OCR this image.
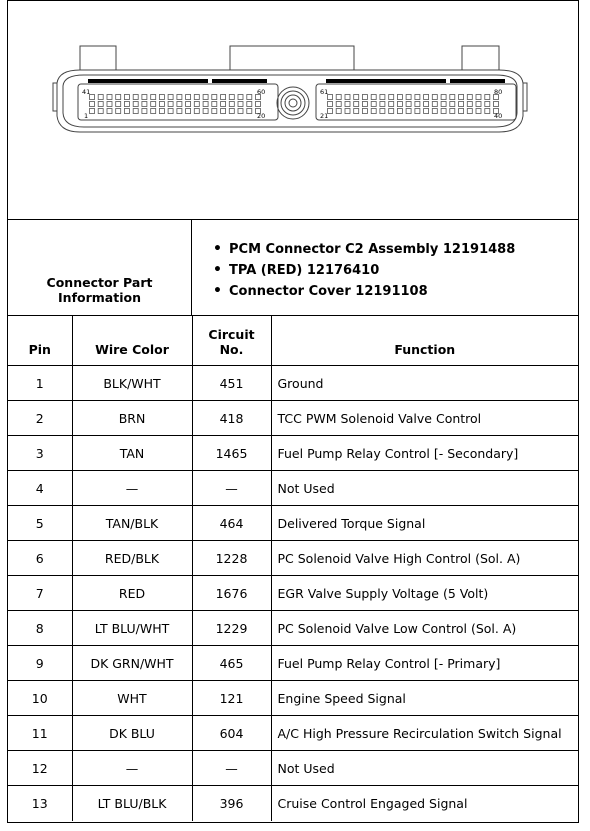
41	60
1	20
61	80
21	40
Connector Part Information
• PCM Connector C2 Assembly 12191488
• TPA (RED) 12176410
• Connector Cover 12191108
Pin	Wire Color	Circuit No.	Function
1	BLK/WHT	451	Ground
2	BRN	418	TCC PWM Solenoid Valve Control
3	TAN	1465	Fuel Pump Relay Control [- Secondary]
4	—	—	Not Used
5	TAN/BLK	464	Delivered Torque Signal
6	RED/BLK	1228	PC Solenoid Valve High Control (Sol. A)
7	RED	1676	EGR Valve Supply Voltage (5 Volt)
8	LT BLU/WHT	1229	PC Solenoid Valve Low Control (Sol. A)
9	DK GRN/WHT	465	Fuel Pump Relay Control [- Primary]
10	WHT	121	Engine Speed Signal
11	DK BLU	604	A/C High Pressure Recirculation Switch Signal
12	—	—	Not Used
13	LT BLU/BLK	396	Cruise Control Engaged Signal
